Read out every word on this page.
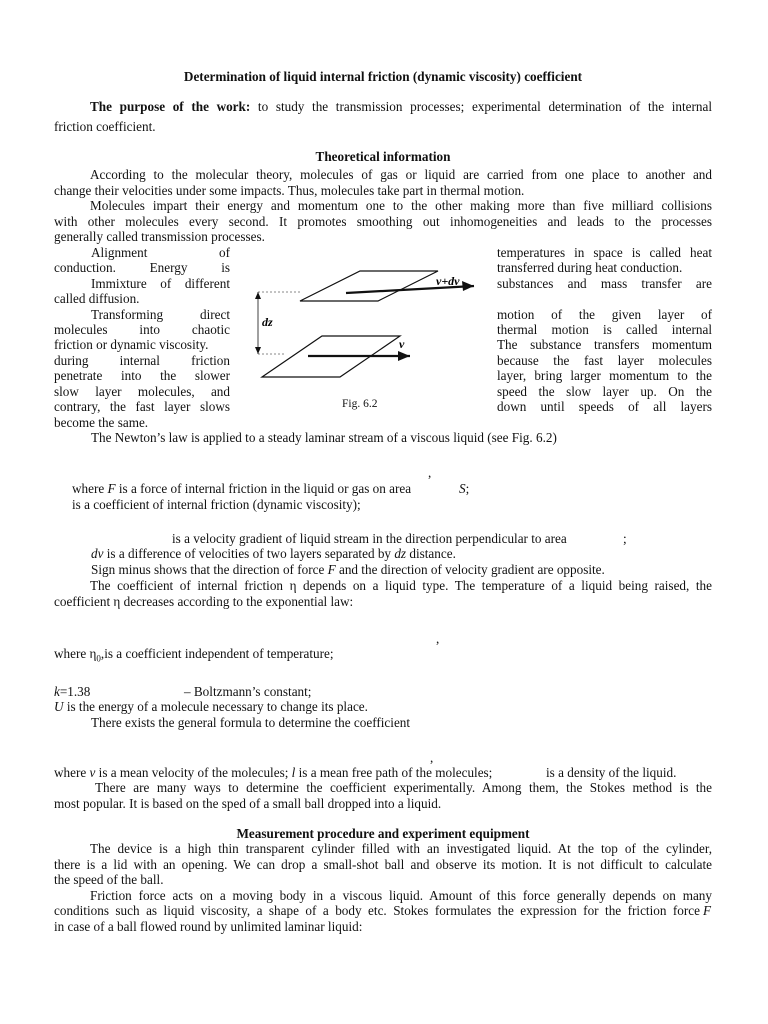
Determination of liquid internal friction (dynamic viscosity) coefficient
The purpose of the work: to study the transmission processes; experimental determination of the internal
friction coefficient.
Theoretical information
According to the molecular theory, molecules of gas or liquid are carried from one place to another and
change their velocities under some impacts. Thus, molecules take part in thermal motion.
Molecules impart their energy and momentum one to the other making more than five milliard collisions
with other molecules every second. It promotes smoothing out inhomogeneities and leads to the processes
generally called transmission processes.
Alignment of
conduction. Energy is
Immixture of different
called diffusion.
Transforming direct
molecules into chaotic
friction or dynamic viscosity.
during internal friction
penetrate into the slower
slow layer molecules, and
contrary, the fast layer slows
become the same.
temperatures in space is called heat
transferred during heat conduction.
substances and mass transfer are
motion of the given layer of
thermal motion is called internal
The substance transfers momentum
because the fast layer molecules
layer, bring larger momentum to the
speed the slow layer up. On the
down until speeds of all layers
v+dv
v
dz
Fig. 6.2
The Newton’s law is applied to a steady laminar stream of a viscous liquid (see Fig. 6.2)
,
where F is a force of internal friction in the liquid or gas on area	S;
is a coefficient of internal friction (dynamic viscosity);
is a velocity gradient of liquid stream in the direction perpendicular to area	;
dv is a difference of velocities of two layers separated by dz distance.
Sign minus shows that the direction of force F and the direction of velocity gradient are opposite.
The coefficient of internal friction η depends on a liquid type. The temperature of a liquid being raised, the
coefficient η decreases according to the exponential law:
,
where $\eta_0,is$ a coefficient independent of temperature;
k=1.38	– Boltzmann’s constant;
U is the energy of a molecule necessary to change its place.
There exists the general formula to determine the coefficient
,
where v is a mean velocity of the molecules; l is a mean free path of the molecules;	is a density of the liquid.
There are many ways to determine the coefficient experimentally. Among them, the Stokes method is the
most popular. It is based on the sped of a small ball dropped into a liquid.
Measurement procedure and experiment equipment
The device is a high thin transparent cylinder filled with an investigated liquid. At the top of the cylinder,
there is a lid with an opening. We can drop a small-shot ball and observe its motion. It is not difficult to calculate
the speed of the ball.
Friction force acts on a moving body in a viscous liquid. Amount of this force generally depends on many
conditions such as liquid viscosity, a shape of a body etc. Stokes formulates the expression for the friction force F
in case of a ball flowed round by unlimited laminar liquid:
